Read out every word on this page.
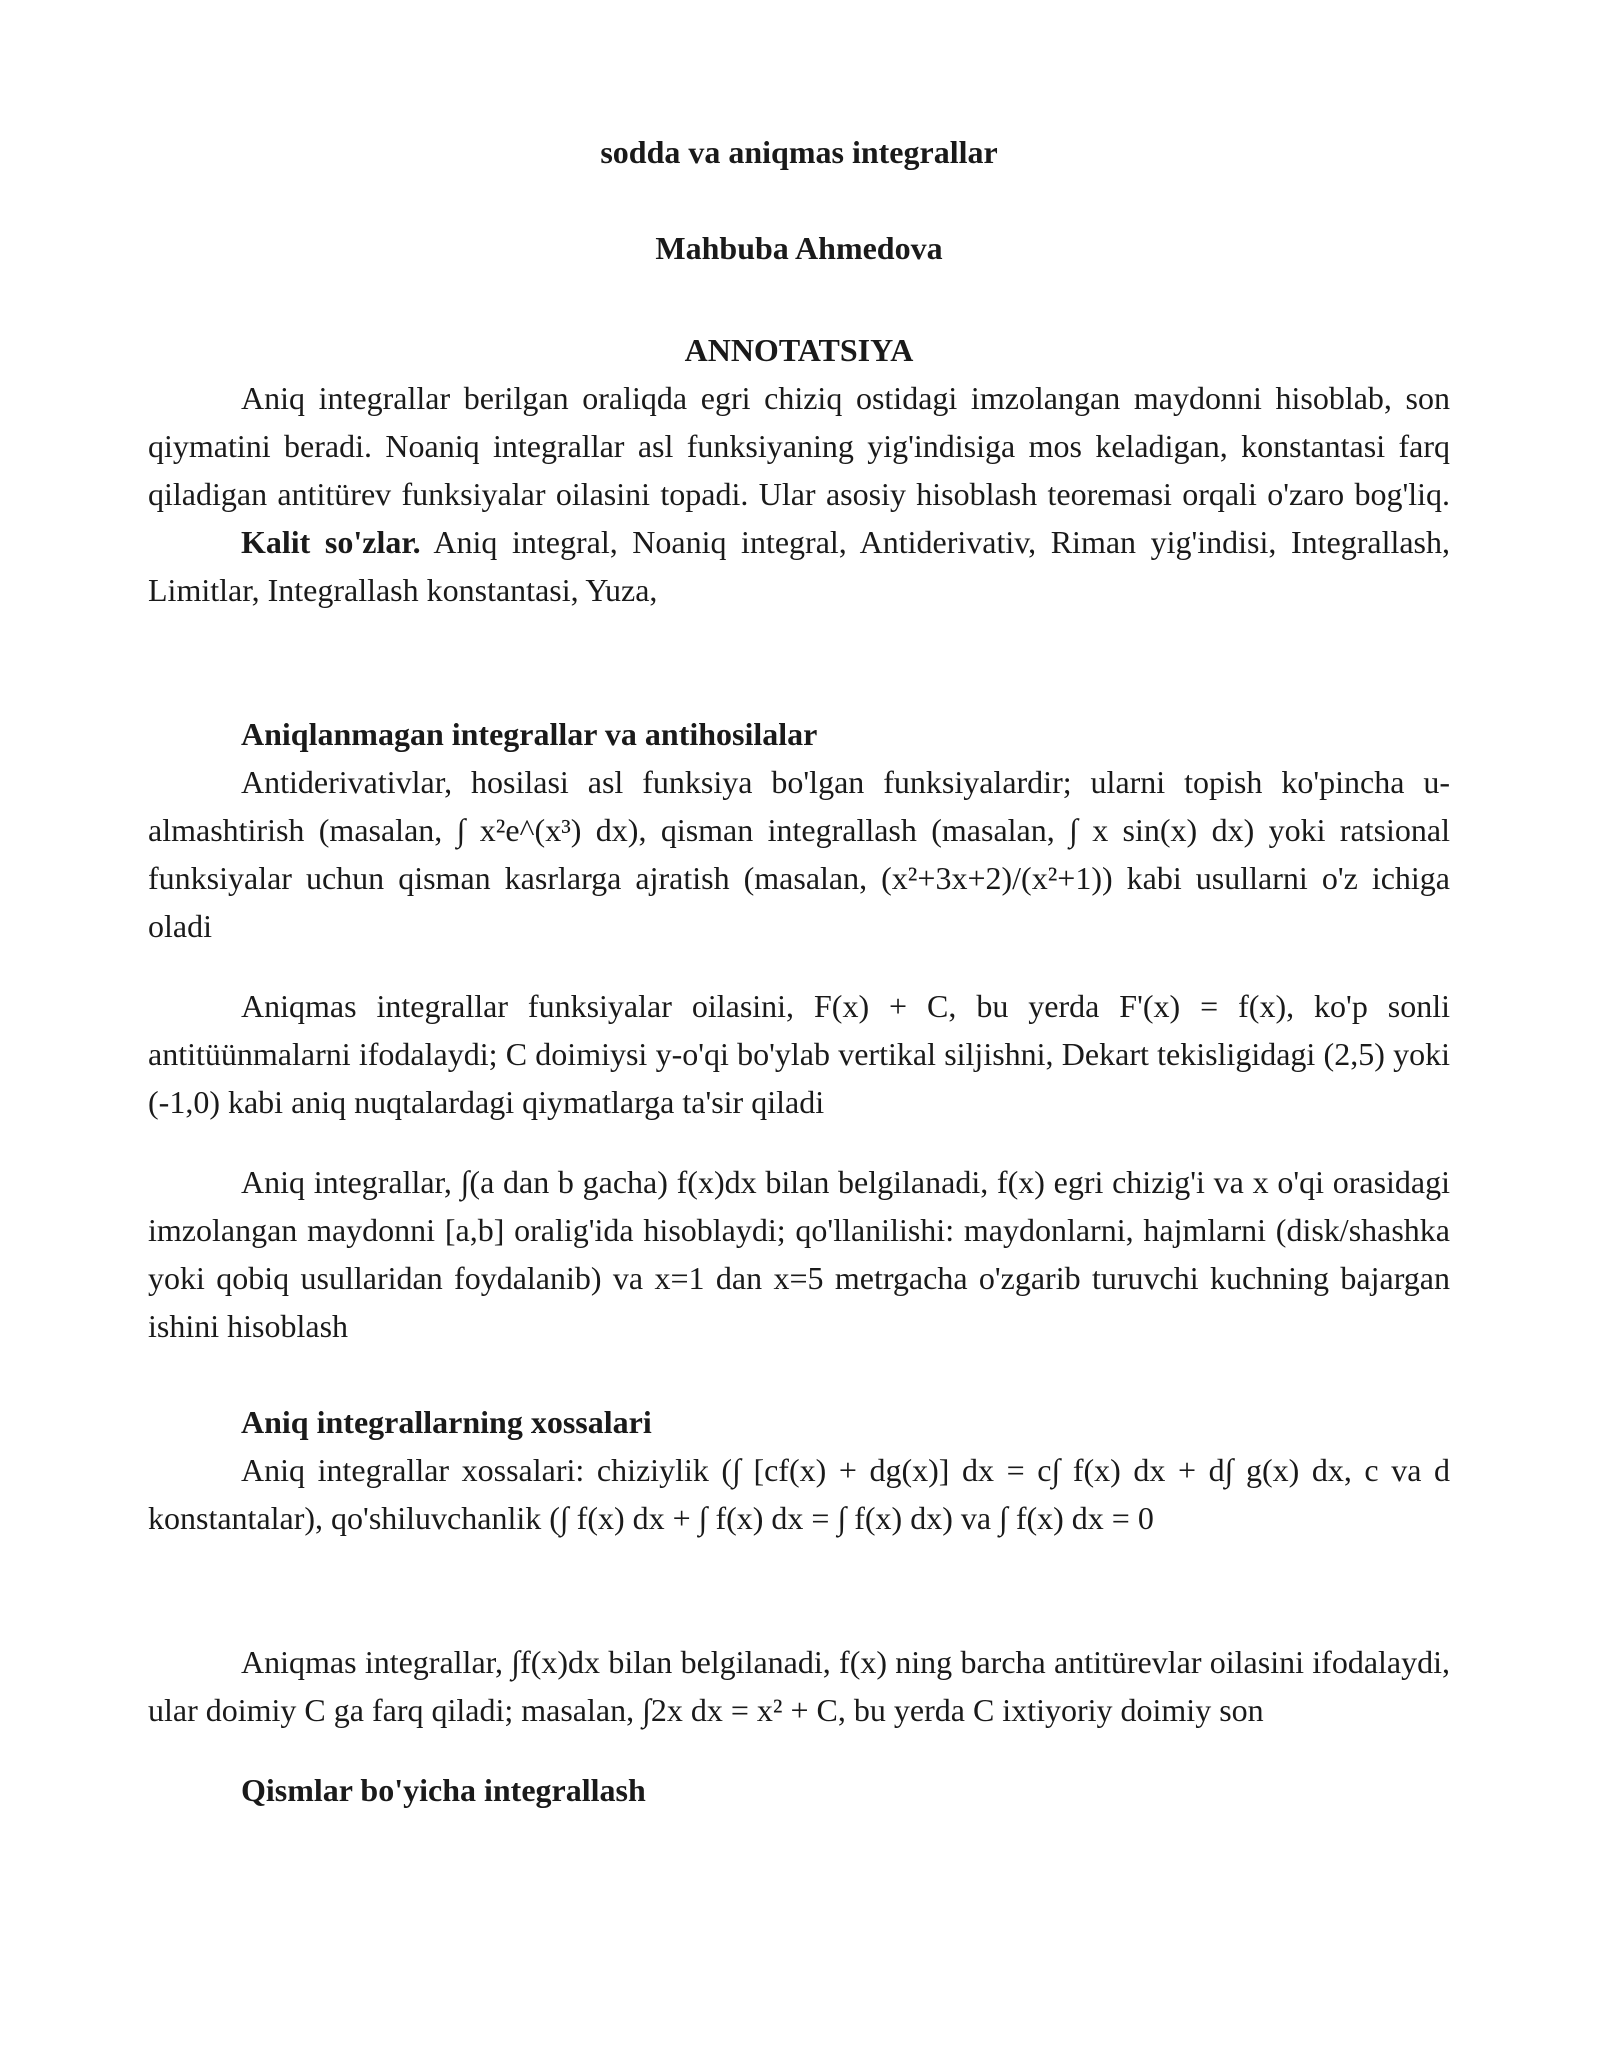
sodda va aniqmas integrallar

Mahbuba Ahmedova

ANNOTATSIYA

Aniq integrallar berilgan oraliqda egri chiziq ostidagi imzolangan maydonni hisoblab, son qiymatini beradi. Noaniq integrallar asl funksiyaning yig'indisiga mos keladigan, konstantasi farq qiladigan antitürev funksiyalar oilasini topadi. Ular asosiy hisoblash teoremasi orqali o'zaro bog'liq.

Kalit so'zlar. Aniq integral, Noaniq integral, Antiderivativ, Riman yig'indisi, Integrallash, Limitlar, Integrallash konstantasi, Yuza,

Aniqlanmagan integrallar va antihosilalar

Antiderivativlar, hosilasi asl funksiya bo'lgan funksiyalardir; ularni topish ko'pincha u-almashtirish (masalan, ∫ x²e^(x³) dx), qisman integrallash (masalan, ∫ x sin(x) dx) yoki ratsional funksiyalar uchun qisman kasrlarga ajratish (masalan, (x²+3x+2)/(x²+1)) kabi usullarni o'z ichiga oladi

Aniqmas integrallar funksiyalar oilasini, F(x) + C, bu yerda F'(x) = f(x), ko'p sonli antitüünmalarni ifodalaydi; C doimiysi y-o'qi bo'ylab vertikal siljishni, Dekart tekisligidagi (2,5) yoki (-1,0) kabi aniq nuqtalardagi qiymatlarga ta'sir qiladi

Aniq integrallar, ∫(a dan b gacha) f(x)dx bilan belgilanadi, f(x) egri chizig'i va x o'qi orasidagi imzolangan maydonni [a,b] oralig'ida hisoblaydi; qo'llanilishi: maydonlarni, hajmlarni (disk/shashka yoki qobiq usullaridan foydalanib) va x=1 dan x=5 metrgacha o'zgarib turuvchi kuchning bajargan ishini hisoblash

Aniq integrallarning xossalari

Aniq integrallar xossalari: chiziylik (∫ [cf(x) + dg(x)] dx = c∫ f(x) dx + d∫ g(x) dx, c va d konstantalar), qo'shiluvchanlik (∫ f(x) dx + ∫ f(x) dx = ∫ f(x) dx) va ∫ f(x) dx = 0

Aniqmas integrallar, ∫f(x)dx bilan belgilanadi, f(x) ning barcha antitürevlar oilasini ifodalaydi, ular doimiy C ga farq qiladi; masalan, ∫2x dx = x² + C, bu yerda C ixtiyoriy doimiy son

Qismlar bo'yicha integrallash
